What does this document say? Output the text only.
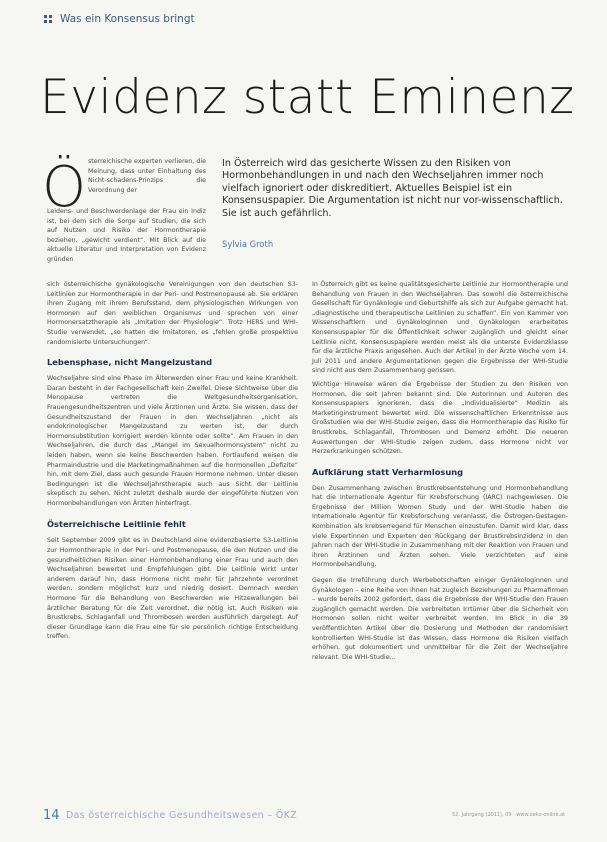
Was ein Konsensus bringt
Evidenz statt Eminenz
Ö sterreichische experten verlieren, die Meinung, dass unter Einhaltung des Nicht-schadens-Prinzips die Verordnung der

Leidens- und Beschwerdenlage der Frau ein Indiz ist, bei dem sich die Sorge auf Studien, die sich auf Nutzen und Risiko der Hormontherapie beziehen, „gewicht verdient“. Mit Blick auf die aktuelle Literatur und Interpretation von Evidenz gründen

In Österreich wird das gesicherte Wissen zu den Risiken von Hormonbehandlungen in und nach den Wechseljahren immer noch vielfach ignoriert oder diskreditiert. Aktuelles Beispiel ist ein Konsensuspapier. Die Argumentation ist nicht nur vor-wissenschaftlich. Sie ist auch gefährlich.

Sylvia Groth

sich österreichische gynäkologische Vereinigungen von den deutschen S3-Leitlinien zur Hormontherapie in der Peri- und Postmenopause ab. Sie erklären ihren Zugang mit ihrem Berufsstand, dem physiologischen Wirkungen von Hormonen auf den weiblichen Organismus und sprechen von einer Hormonersatztherapie als „Imitation der Physiologie“. Trotz HERS und WHI-Studie verwendet, „so hatten die Imitatoren, es „fehlen große prospektive randomisierte Untersuchungen“.

Lebensphase, nicht Mangelzustand

Wechseljahre sind eine Phase im Älterwerden einer Frau und keine Krankheit. Daran besteht in der Fachgesellschaft kein Zweifel. Diese Sichtweise über die Menopause vertreten die Weltgesundheitsorganisation, Frauengesundheitszentren und viele Ärztinnen und Ärzte. Sie wissen, dass der Gesundheitszustand der Frauen in den Wechseljahren „nicht als endokrinologischer Mangelzustand zu werten ist, der durch Hormonsubstitution korrigiert werden könnte oder sollte“. Am Frauen in den Wechseljahren, die durch das „Mangel im Sexualhormonsystem“ nicht zu leiden haben, wenn sie keine Beschwerden haben. Fortlaufend weisen die Pharmaindustrie und die Marketingmaßnahmen auf die hormonellen „Defizite“ hin, mit dem Ziel, dass auch gesunde Frauen Hormone nehmen. Unter diesen Bedingungen ist die Wechseljahrstherapie auch aus Sicht der Leitlinie skeptisch zu sehen. Nicht zuletzt deshalb wurde der eingeführte Nutzen von Hormonbehandlungen von Ärzten hinterfragt.

Österreichische Leitlinie fehlt

Seit September 2009 gibt es in Deutschland eine evidenzbasierte S3-Leitlinie zur Hormontherapie in der Peri- und Postmenopause, die den Nutzen und die gesundheitlichen Risiken einer Hormonbehandlung einer Frau und auch den Wechseljahren bewertet und Empfehlungen gibt. Die Leitlinie wirkt unter anderem darauf hin, dass Hormone nicht mehr für Jahrzehnte verordnet werden, sondern möglichst kurz und niedrig dosiert. Demnach werden Hormone für die Behandlung von Beschwerden wie Hitzewallungen bei ärztlicher Beratung für die Zeit verordnet, die nötig ist. Auch Risiken wie Brustkrebs, Schlaganfall und Thrombosen werden ausführlich dargelegt. Auf dieser Grundlage kann die Frau eine für sie persönlich richtige Entscheidung treffen.

In Österreich gibt es keine qualitätsgesicherte Leitlinie zur Hormontherapie und Behandlung von Frauen in den Wechseljahren. Das sowohl die österreichische Gesellschaft für Gynäkologie und Geburtshilfe als sich zur Aufgabe gemacht hat, „diagnostische und therapeutische Leitlinien zu schaffen“. Ein von Kammer von Wissenschaftlern und Gynäkologinnen und Gynäkologen erarbeitetes Konsensuspapier für die Öffentlichkeit schwer zugänglich und gleicht einer Leitlinie nicht. Konsensuspapiere werden meist als die unterste Evidenzklasse für die ärztliche Praxis angesehen. Auch der Artikel in der Ärzte Woche vom 14. Juli 2011 und andere Argumentationen gegen die Ergebnisse der WHI-Studie sind nicht aus dem Zusammenhang gerissen.

Wichtige Hinweise wären die Ergebnisse der Studien zu den Risiken von Hormonen, die seit Jahren bekannt sind. Die Autorinnen und Autoren des Konsensuspapiers ignorieren, dass die „Individualisierte“ Medizin als Marketinginstrument bewertet wird. Die wissenschaftlichen Erkenntnisse aus Großstudien wie der WHI-Studie zeigen, dass die Hormontherapie das Risiko für Brustkrebs, Schlaganfall, Thrombosen und Demenz erhöht. Die neueren Auswertungen der WHI-Studie zeigen zudem, dass Hormone nicht vor Herzerkrankungen schützen.

Aufklärung statt Verharmlosung

Den Zusammenhang zwischen Brustkrebsentstehung und Hormonbehandlung hat die Internationale Agentur für Krebsforschung (IARC) nachgewiesen. Die Ergebnisse der Million Women Study und der WHI-Studie haben die Internationale Agentur für Krebsforschung veranlasst, die Östrogen-Gestagen-Kombination als krebserregend für Menschen einzustufen. Damit wird klar, dass viele Expertinnen und Experten den Rückgang der Brustkrebsinzidenz in den Jahren nach der WHI-Studie in Zusammenhang mit der Reaktion von Frauen und ihren Ärztinnen und Ärzten sehen. Viele verzichteten auf eine Hormonbehandlung.

Gegen die Irreführung durch Werbebotschaften einiger Gynäkologinnen und Gynäkologen – eine Reihe von ihnen hat zugleich Beziehungen zu Pharmafirmen – wurde bereits 2002 gefordert, dass die Ergebnisse der WHI-Studie den Frauen zugänglich gemacht werden. Die verbreiteten Irrtümer über die Sicherheit von Hormonen sollen nicht weiter verbreitet werden. Im Blick in die 39 veröffentlichten Artikel über die Dosierung und Methoden der randomisiert kontrollierten WHI-Studie ist das Wissen, dass Hormone die Risiken vielfach erhöhen, gut dokumentiert und unmittelbar für die Zeit der Wechseljahre relevant. Die WHI-Studie...

14 Das österreichische Gesundheitswesen – ÖKZ	52. Jahrgang (2011), 09 · www.oekz-online.at
